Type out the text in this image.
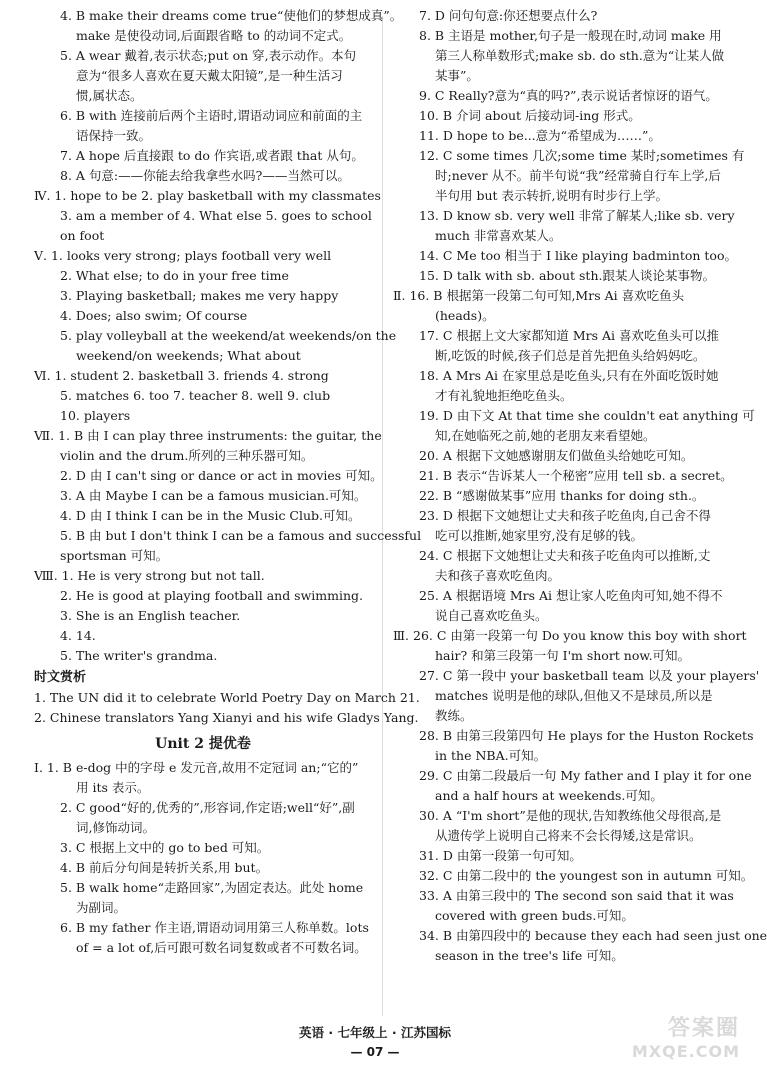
4. B make their dreams come true“使他们的梦想成真”。
make 是使役动词,后面跟省略 to 的动词不定式。
5. A wear 戴着,表示状态;put on 穿,表示动作。本句
意为“很多人喜欢在夏天戴太阳镜”,是一种生活习
惯,属状态。
6. B with 连接前后两个主语时,谓语动词应和前面的主
语保持一致。
7. A hope 后直接跟 to do 作宾语,或者跟 that 从句。
8. A 句意:——你能去给我拿些水吗?——当然可以。
Ⅳ. 1. hope to be 2. play basketball with my classmates
3. am a member of 4. What else 5. goes to school
on foot
Ⅴ. 1. looks very strong; plays football very well
2. What else; to do in your free time
3. Playing basketball; makes me very happy
4. Does; also swim; Of course
5. play volleyball at the weekend/at weekends/on the
weekend/on weekends; What about
Ⅵ. 1. student 2. basketball 3. friends 4. strong
5. matches 6. too 7. teacher 8. well 9. club
10. players
Ⅶ. 1. B 由 I can play three instruments: the guitar, the
violin and the drum.所列的三种乐器可知。
2. D 由 I can't sing or dance or act in movies 可知。
3. A 由 Maybe I can be a famous musician.可知。
4. D 由 I think I can be in the Music Club.可知。
5. B 由 but I don't think I can be a famous and successful
sportsman 可知。
Ⅷ. 1. He is very strong but not tall.
2. He is good at playing football and swimming.
3. She is an English teacher.
4. 14.
5. The writer's grandma.
时文赏析
1. The UN did it to celebrate World Poetry Day on March 21.
2. Chinese translators Yang Xianyi and his wife Gladys Yang.
Unit 2 提优卷
Ⅰ. 1. B e-dog 中的字母 e 发元音,故用不定冠词 an;“它的”
用 its 表示。
2. C good“好的,优秀的”,形容词,作定语;well“好”,副
词,修饰动词。
3. C 根据上文中的 go to bed 可知。
4. B 前后分句间是转折关系,用 but。
5. B walk home“走路回家”,为固定表达。此处 home
为副词。
6. B my father 作主语,谓语动词用第三人称单数。lots
of = a lot of,后可跟可数名词复数或者不可数名词。
7. D 问句句意:你还想要点什么?
8. B 主语是 mother,句子是一般现在时,动词 make 用
第三人称单数形式;make sb. do sth.意为“让某人做
某事”。
9. C Really?意为“真的吗?”,表示说话者惊讶的语气。
10. B 介词 about 后接动词-ing 形式。
11. D hope to be...意为“希望成为……”。
12. C some times 几次;some time 某时;sometimes 有
时;never 从不。前半句说“我”经常骑自行车上学,后
半句用 but 表示转折,说明有时步行上学。
13. D know sb. very well 非常了解某人;like sb. very
much 非常喜欢某人。
14. C Me too 相当于 I like playing badminton too。
15. D talk with sb. about sth.跟某人谈论某事物。
Ⅱ. 16. B 根据第一段第二句可知,Mrs Ai 喜欢吃鱼头
(heads)。
17. C 根据上文大家都知道 Mrs Ai 喜欢吃鱼头可以推
断,吃饭的时候,孩子们总是首先把鱼头给妈妈吃。
18. A Mrs Ai 在家里总是吃鱼头,只有在外面吃饭时她
才有礼貌地拒绝吃鱼头。
19. D 由下文 At that time she couldn't eat anything 可
知,在她临死之前,她的老朋友来看望她。
20. A 根据下文她感谢朋友们做鱼头给她吃可知。
21. B 表示“告诉某人一个秘密”应用 tell sb. a secret。
22. B “感谢做某事”应用 thanks for doing sth.。
23. D 根据下文她想让丈夫和孩子吃鱼肉,自己舍不得
吃可以推断,她家里穷,没有足够的钱。
24. C 根据下文她想让丈夫和孩子吃鱼肉可以推断,丈
夫和孩子喜欢吃鱼肉。
25. A 根据语境 Mrs Ai 想让家人吃鱼肉可知,她不得不
说自己喜欢吃鱼头。
Ⅲ. 26. C 由第一段第一句 Do you know this boy with short
hair? 和第三段第一句 I'm short now.可知。
27. C 第一段中 your basketball team 以及 your players'
matches 说明是他的球队,但他又不是球员,所以是
教练。
28. B 由第三段第四句 He plays for the Huston Rockets
in the NBA.可知。
29. C 由第二段最后一句 My father and I play it for one
and a half hours at weekends.可知。
30. A “I'm short”是他的现状,告知教练他父母很高,是
从遗传学上说明自己将来不会长得矮,这是常识。
31. D 由第一段第一句可知。
32. C 由第二段中的 the youngest son in autumn 可知。
33. A 由第三段中的 The second son said that it was
covered with green buds.可知。
34. B 由第四段中的 because they each had seen just one
season in the tree's life 可知。
英语 · 七年级上 · 江苏国标
— 07 —
答案圈
MXQE.COM
